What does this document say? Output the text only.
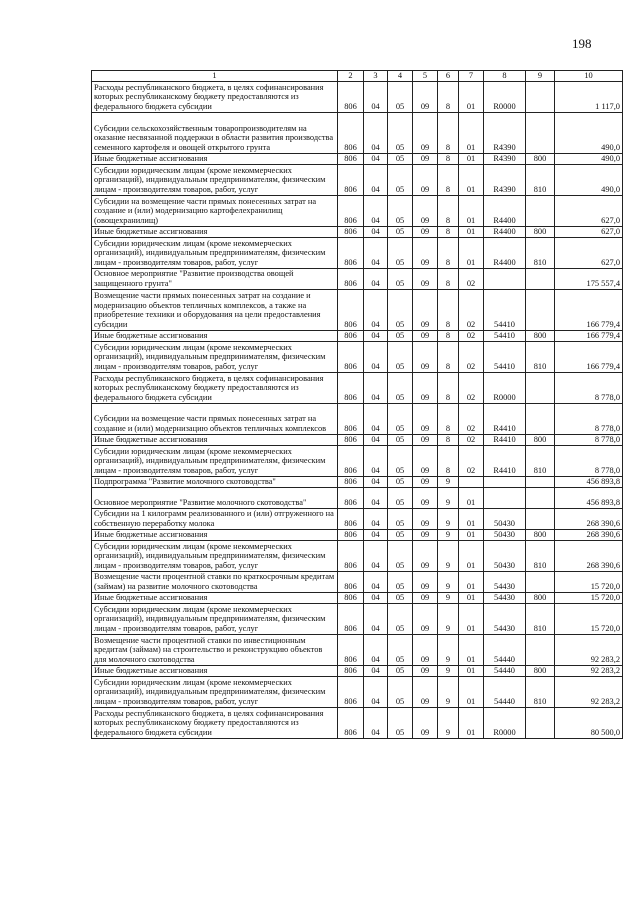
198
1	2	3	4	5	6	7	8	9	10
Расходы республиканского бюджета, в целях софинансирования которых республиканскому бюджету предоставляются из федерального бюджета субсидии	806	04	05	09	8	01	R0000		1 117,0
Субсидии сельскохозяйственным товаропроизводителям на оказание несвязанной поддержки в области развития производства семенного картофеля и овощей открытого грунта	806	04	05	09	8	01	R4390		490,0
Иные бюджетные ассигнования	806	04	05	09	8	01	R4390	800	490,0
Субсидии юридическим лицам (кроме некоммерческих организаций), индивидуальным предпринимателям, физическим лицам - производителям товаров, работ, услуг	806	04	05	09	8	01	R4390	810	490,0
Субсидии на возмещение части прямых понесенных затрат на создание и (или) модернизацию картофелехранилищ (овощехранилищ)	806	04	05	09	8	01	R4400		627,0
Иные бюджетные ассигнования	806	04	05	09	8	01	R4400	800	627,0
Субсидии юридическим лицам (кроме некоммерческих организаций), индивидуальным предпринимателям, физическим лицам - производителям товаров, работ, услуг	806	04	05	09	8	01	R4400	810	627,0
Основное мероприятие "Развитие производства овощей защищенного грунта"	806	04	05	09	8	02			175 557,4
Возмещение части прямых понесенных затрат на создание и модернизацию объектов тепличных комплексов, а также на приобретение техники и оборудования на цели предоставления субсидии	806	04	05	09	8	02	54410		166 779,4
Иные бюджетные ассигнования	806	04	05	09	8	02	54410	800	166 779,4
Субсидии юридическим лицам (кроме некоммерческих организаций), индивидуальным предпринимателям, физическим лицам - производителям товаров, работ, услуг	806	04	05	09	8	02	54410	810	166 779,4
Расходы республиканского бюджета, в целях софинансирования которых республиканскому бюджету предоставляются из федерального бюджета субсидии	806	04	05	09	8	02	R0000		8 778,0
Субсидии на возмещение части прямых понесенных затрат на создание и (или) модернизацию объектов тепличных комплексов	806	04	05	09	8	02	R4410		8 778,0
Иные бюджетные ассигнования	806	04	05	09	8	02	R4410	800	8 778,0
Субсидии юридическим лицам (кроме некоммерческих организаций), индивидуальным предпринимателям, физическим лицам - производителям товаров, работ, услуг	806	04	05	09	8	02	R4410	810	8 778,0
Подпрограмма "Развитие молочного скотоводства"	806	04	05	09	9				456 893,8
Основное мероприятие "Развитие молочного скотоводства"	806	04	05	09	9	01			456 893,8
Субсидии на 1 килограмм реализованного и (или) отгруженного на собственную переработку молока	806	04	05	09	9	01	50430		268 390,6
Иные бюджетные ассигнования	806	04	05	09	9	01	50430	800	268 390,6
Субсидии юридическим лицам (кроме некоммерческих организаций), индивидуальным предпринимателям, физическим лицам - производителям товаров, работ, услуг	806	04	05	09	9	01	50430	810	268 390,6
Возмещение части процентной ставки по краткосрочным кредитам (займам) на развитие молочного скотоводства	806	04	05	09	9	01	54430		15 720,0
Иные бюджетные ассигнования	806	04	05	09	9	01	54430	800	15 720,0
Субсидии юридическим лицам (кроме некоммерческих организаций), индивидуальным предпринимателям, физическим лицам - производителям товаров, работ, услуг	806	04	05	09	9	01	54430	810	15 720,0
Возмещение части процентной ставки по инвестиционным кредитам (займам) на строительство и реконструкцию объектов для молочного скотоводства	806	04	05	09	9	01	54440		92 283,2
Иные бюджетные ассигнования	806	04	05	09	9	01	54440	800	92 283,2
Субсидии юридическим лицам (кроме некоммерческих организаций), индивидуальным предпринимателям, физическим лицам - производителям товаров, работ, услуг	806	04	05	09	9	01	54440	810	92 283,2
Расходы республиканского бюджета, в целях софинансирования которых республиканскому бюджету предоставляются из федерального бюджета субсидии	806	04	05	09	9	01	R0000		80 500,0
